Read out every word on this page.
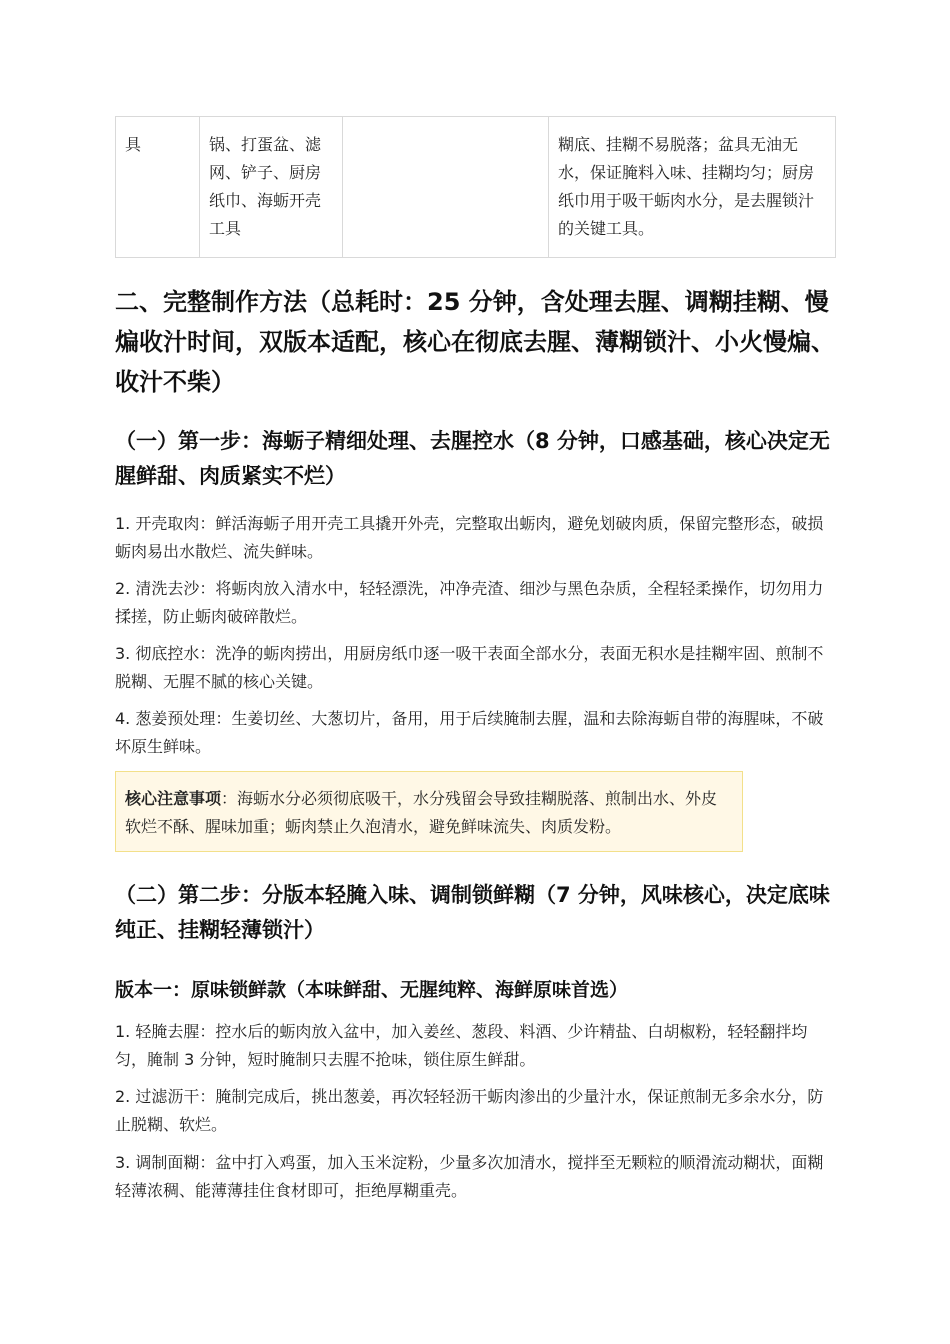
具	锅、打蛋盆、滤网、铲子、厨房纸巾、海蛎开壳工具		糊底、挂糊不易脱落；盆具无油无水，保证腌料入味、挂糊均匀；厨房纸巾用于吸干蛎肉水分，是去腥锁汁的关键工具。
二、完整制作方法（总耗时：25 分钟，含处理去腥、调糊挂糊、慢煸收汁时间，双版本适配，核心在彻底去腥、薄糊锁汁、小火慢煸、收汁不柴）
（一）第一步：海蛎子精细处理、去腥控水（8 分钟，口感基础，核心决定无腥鲜甜、肉质紧实不烂）

1. 开壳取肉：鲜活海蛎子用开壳工具撬开外壳，完整取出蛎肉，避免划破肉质，保留完整形态，破损蛎肉易出水散烂、流失鲜味。

2. 清洗去沙：将蛎肉放入清水中，轻轻漂洗，冲净壳渣、细沙与黑色杂质，全程轻柔操作，切勿用力揉搓，防止蛎肉破碎散烂。

3. 彻底控水：洗净的蛎肉捞出，用厨房纸巾逐一吸干表面全部水分，表面无积水是挂糊牢固、煎制不脱糊、无腥不腻的核心关键。

4. 葱姜预处理：生姜切丝、大葱切片，备用，用于后续腌制去腥，温和去除海蛎自带的海腥味，不破坏原生鲜味。

核心注意事项：海蛎水分必须彻底吸干，水分残留会导致挂糊脱落、煎制出水、外皮软烂不酥、腥味加重；蛎肉禁止久泡清水，避免鲜味流失、肉质发粉。
（二）第二步：分版本轻腌入味、调制锁鲜糊（7 分钟，风味核心，决定底味纯正、挂糊轻薄锁汁）
版本一：原味锁鲜款（本味鲜甜、无腥纯粹、海鲜原味首选）

1. 轻腌去腥：控水后的蛎肉放入盆中，加入姜丝、葱段、料酒、少许精盐、白胡椒粉，轻轻翻拌均匀，腌制 3 分钟，短时腌制只去腥不抢味，锁住原生鲜甜。

2. 过滤沥干：腌制完成后，挑出葱姜，再次轻轻沥干蛎肉渗出的少量汁水，保证煎制无多余水分，防止脱糊、软烂。

3. 调制面糊：盆中打入鸡蛋，加入玉米淀粉，少量多次加清水，搅拌至无颗粒的顺滑流动糊状，面糊轻薄浓稠、能薄薄挂住食材即可，拒绝厚糊重壳。
